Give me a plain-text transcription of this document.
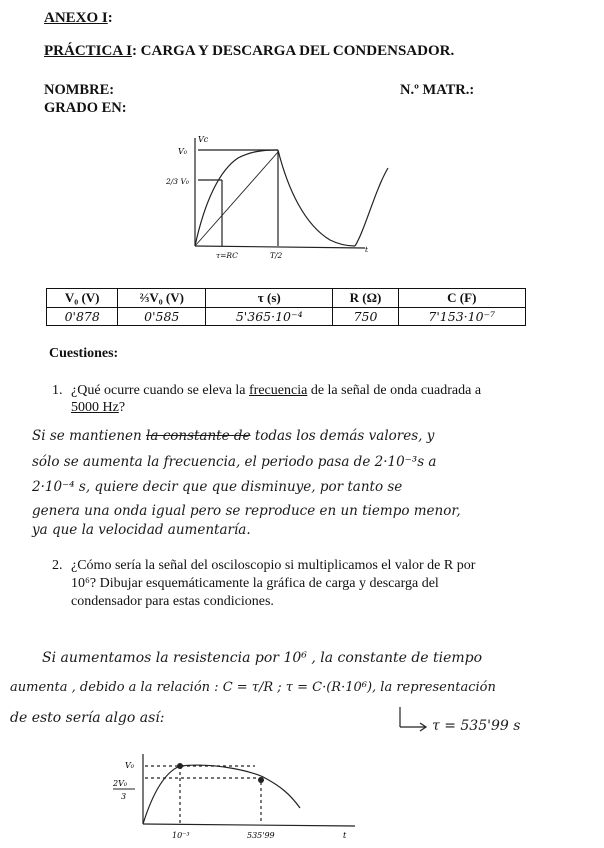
ANEXO I:
PRÁCTICA I: CARGA Y DESCARGA DEL CONDENSADOR.
NOMBRE:	N.º MATR.:
GRADO EN:
Vc
V₀
2/3 V₀
τ=RC	T/2
t
V₀ (V)	⅔V₀ (V)	τ (s)	R (Ω)	C (F)
0'878	0'585	5'365·10⁻⁴	750	7'153·10⁻⁷
Cuestiones:
1. ¿Qué ocurre cuando se eleva la frecuencia de la señal de onda cuadrada a
5000 Hz?
Si se mantienen la constante de todas los demás valores, y
sólo se aumenta la frecuencia, el periodo pasa de 2·10⁻³s a
2·10⁻⁴ s, quiere decir que que disminuye, por tanto se
genera una onda igual pero se reproduce en un tiempo menor,
ya que la velocidad aumentaría.
2. ¿Cómo sería la señal del osciloscopio si multiplicamos el valor de R por
10⁶? Dibujar esquemáticamente la gráfica de carga y descarga del
condensador para estas condiciones.
Si aumentamos la resistencia por 10⁶ , la constante de tiempo
aumenta , debido a la relación : C = τ/R ; τ = C·(R·10⁶), la representación
de esto sería algo así:	τ = 535'99 s
V₀
2V₀
3
10⁻³	535'99	t
